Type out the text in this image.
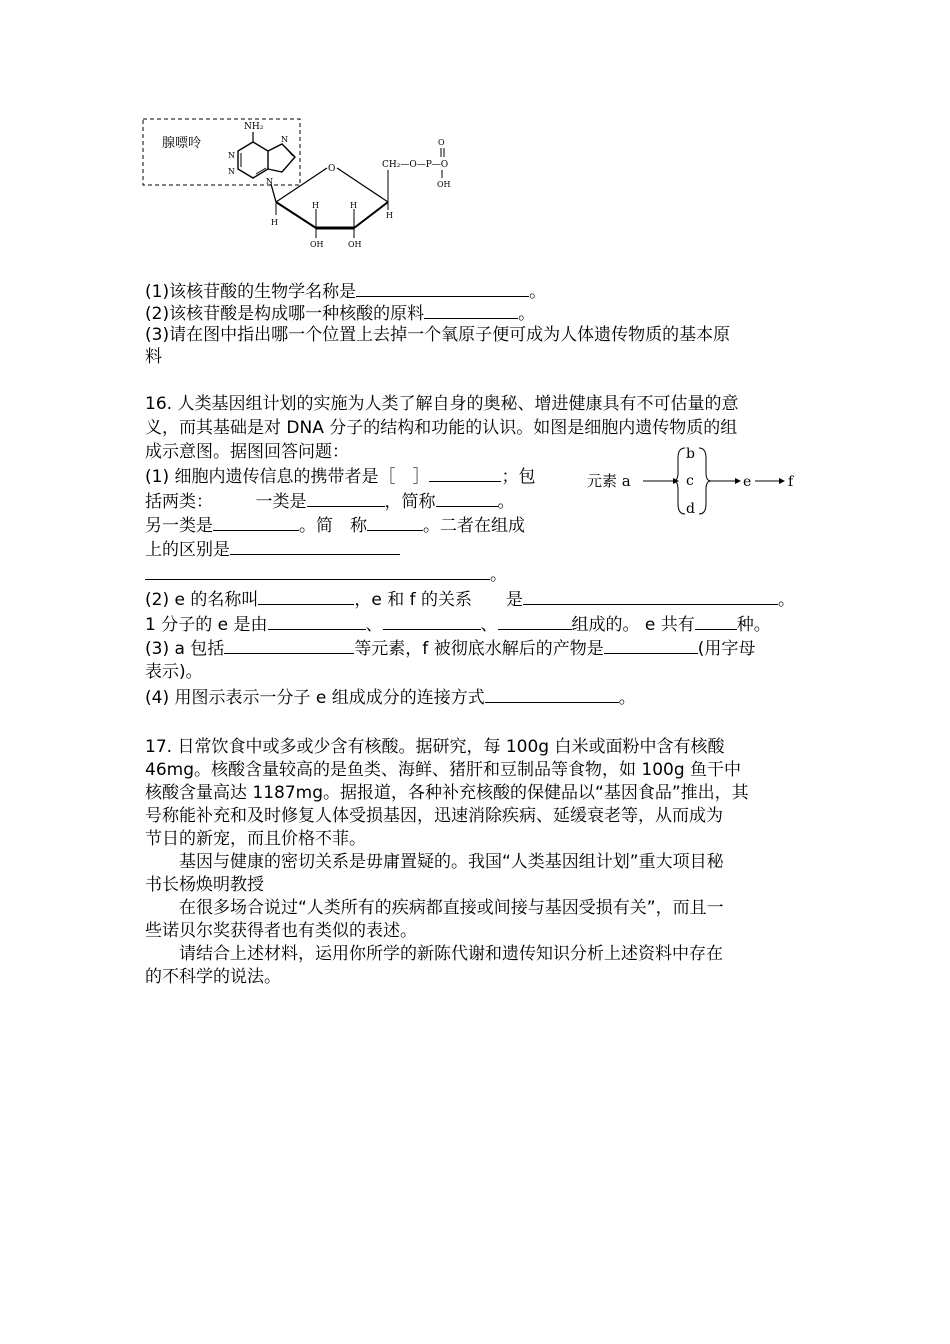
腺嘌呤
NH₂
N
N
N
N
O
H
H	H
OH	OH
H
CH₂—O—P—O
O
OH
(1)该核苷酸的生物学名称是	。
(2)该核苷酸是构成哪一种核酸的原料	。
(3)请在图中指出哪一个位置上去掉一个氧原子便可成为人体遗传物质的基本原
料
16. 人类基因组计划的实施为人类了解自身的奥秘、增进健康具有不可估量的意
义，而其基础是对 DNA 分子的结构和功能的认识。如图是细胞内遗传物质的组
成示意图。据图回答问题：
(1) 细胞内遗传信息的携带者是［　］	；包
括两类：　　　一类是	，简称	。
另一类是	。简　称	。二者在组成
上的区别是
。
(2) e 的名称叫	，e 和 f 的关系　　是	。
1 分子的 e 是由	、	、	组成的。 e 共有 种。
(3) a 包括	等元素，f 被彻底水解后的产物是	(用字母
表示)。
(4) 用图示表示一分子 e 组成成分的连接方式	。
元素 a
b
c
d
e	f
17. 日常饮食中或多或少含有核酸。据研究，每 100g 白米或面粉中含有核酸
46mg。核酸含量较高的是鱼类、海鲜、猪肝和豆制品等食物，如 100g 鱼干中
核酸含量高达 1187mg。据报道，各种补充核酸的保健品以“基因食品”推出，其
号称能补充和及时修复人体受损基因，迅速消除疾病、延缓衰老等，从而成为
节日的新宠，而且价格不菲。
　　基因与健康的密切关系是毋庸置疑的。我国“人类基因组计划”重大项目秘
书长杨焕明教授
　　在很多场合说过“人类所有的疾病都直接或间接与基因受损有关”，而且一
些诺贝尔奖获得者也有类似的表述。
　　请结合上述材料，运用你所学的新陈代谢和遗传知识分析上述资料中存在
的不科学的说法。
